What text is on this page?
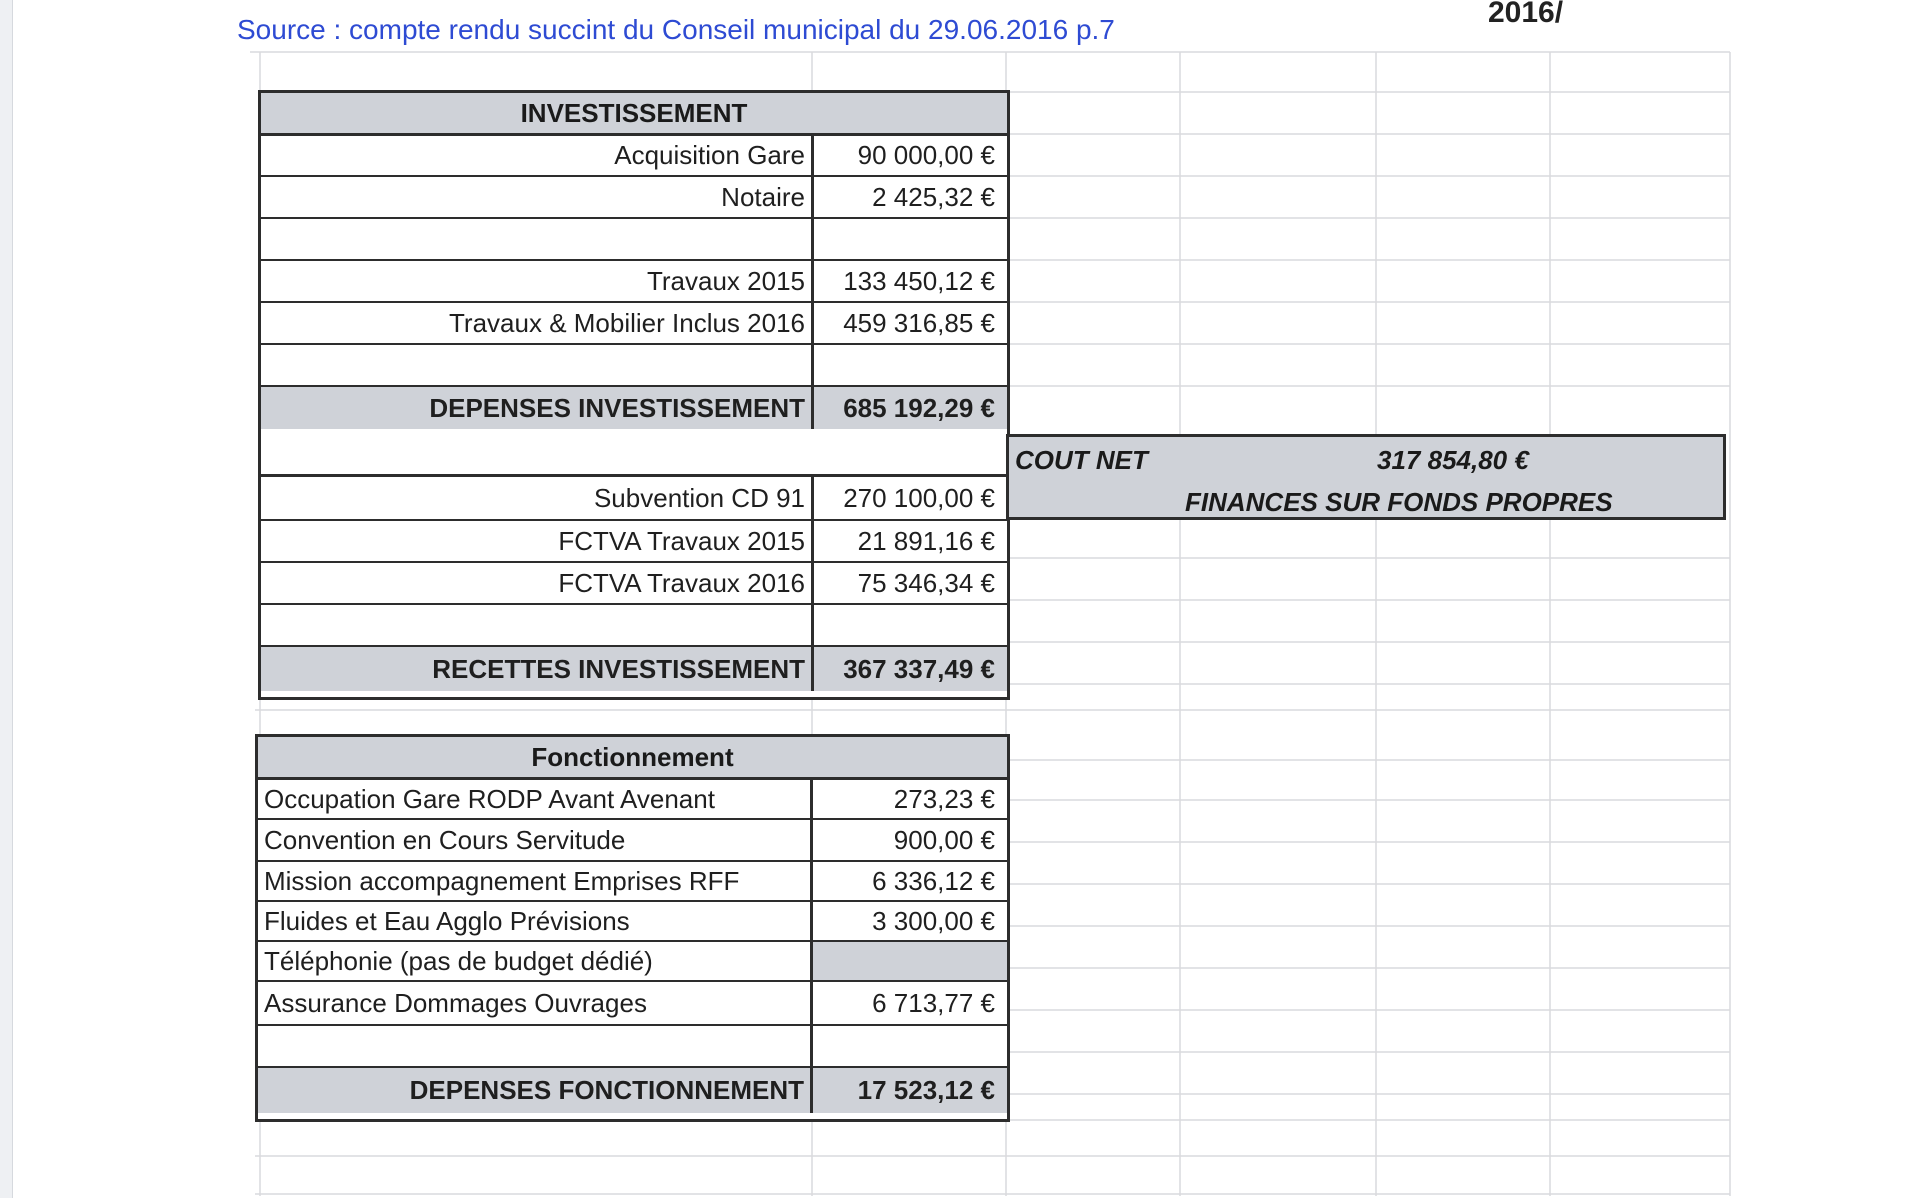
Source : compte rendu succint du Conseil municipal du 29.06.2016 p.7
2016/
INVESTISSEMENT
Acquisition Gare	90 000,00 €
Notaire	2 425,32 €
Travaux 2015	133 450,12 €
Travaux & Mobilier Inclus 2016	459 316,85 €
DEPENSES INVESTISSEMENT	685 192,29 €
Subvention CD 91	270 100,00 €
FCTVA Travaux 2015	21 891,16 €
FCTVA Travaux 2016	75 346,34 €
RECETTES INVESTISSEMENT	367 337,49 €
COUT NET	317 854,80 €
FINANCES SUR FONDS PROPRES
Fonctionnement
Occupation Gare RODP Avant Avenant	273,23 €
Convention en Cours Servitude	900,00 €
Mission accompagnement Emprises RFF	6 336,12 €
Fluides et Eau Agglo Prévisions	3 300,00 €
Téléphonie (pas de budget dédié)
Assurance Dommages Ouvrages	6 713,77 €
DEPENSES FONCTIONNEMENT	17 523,12 €
